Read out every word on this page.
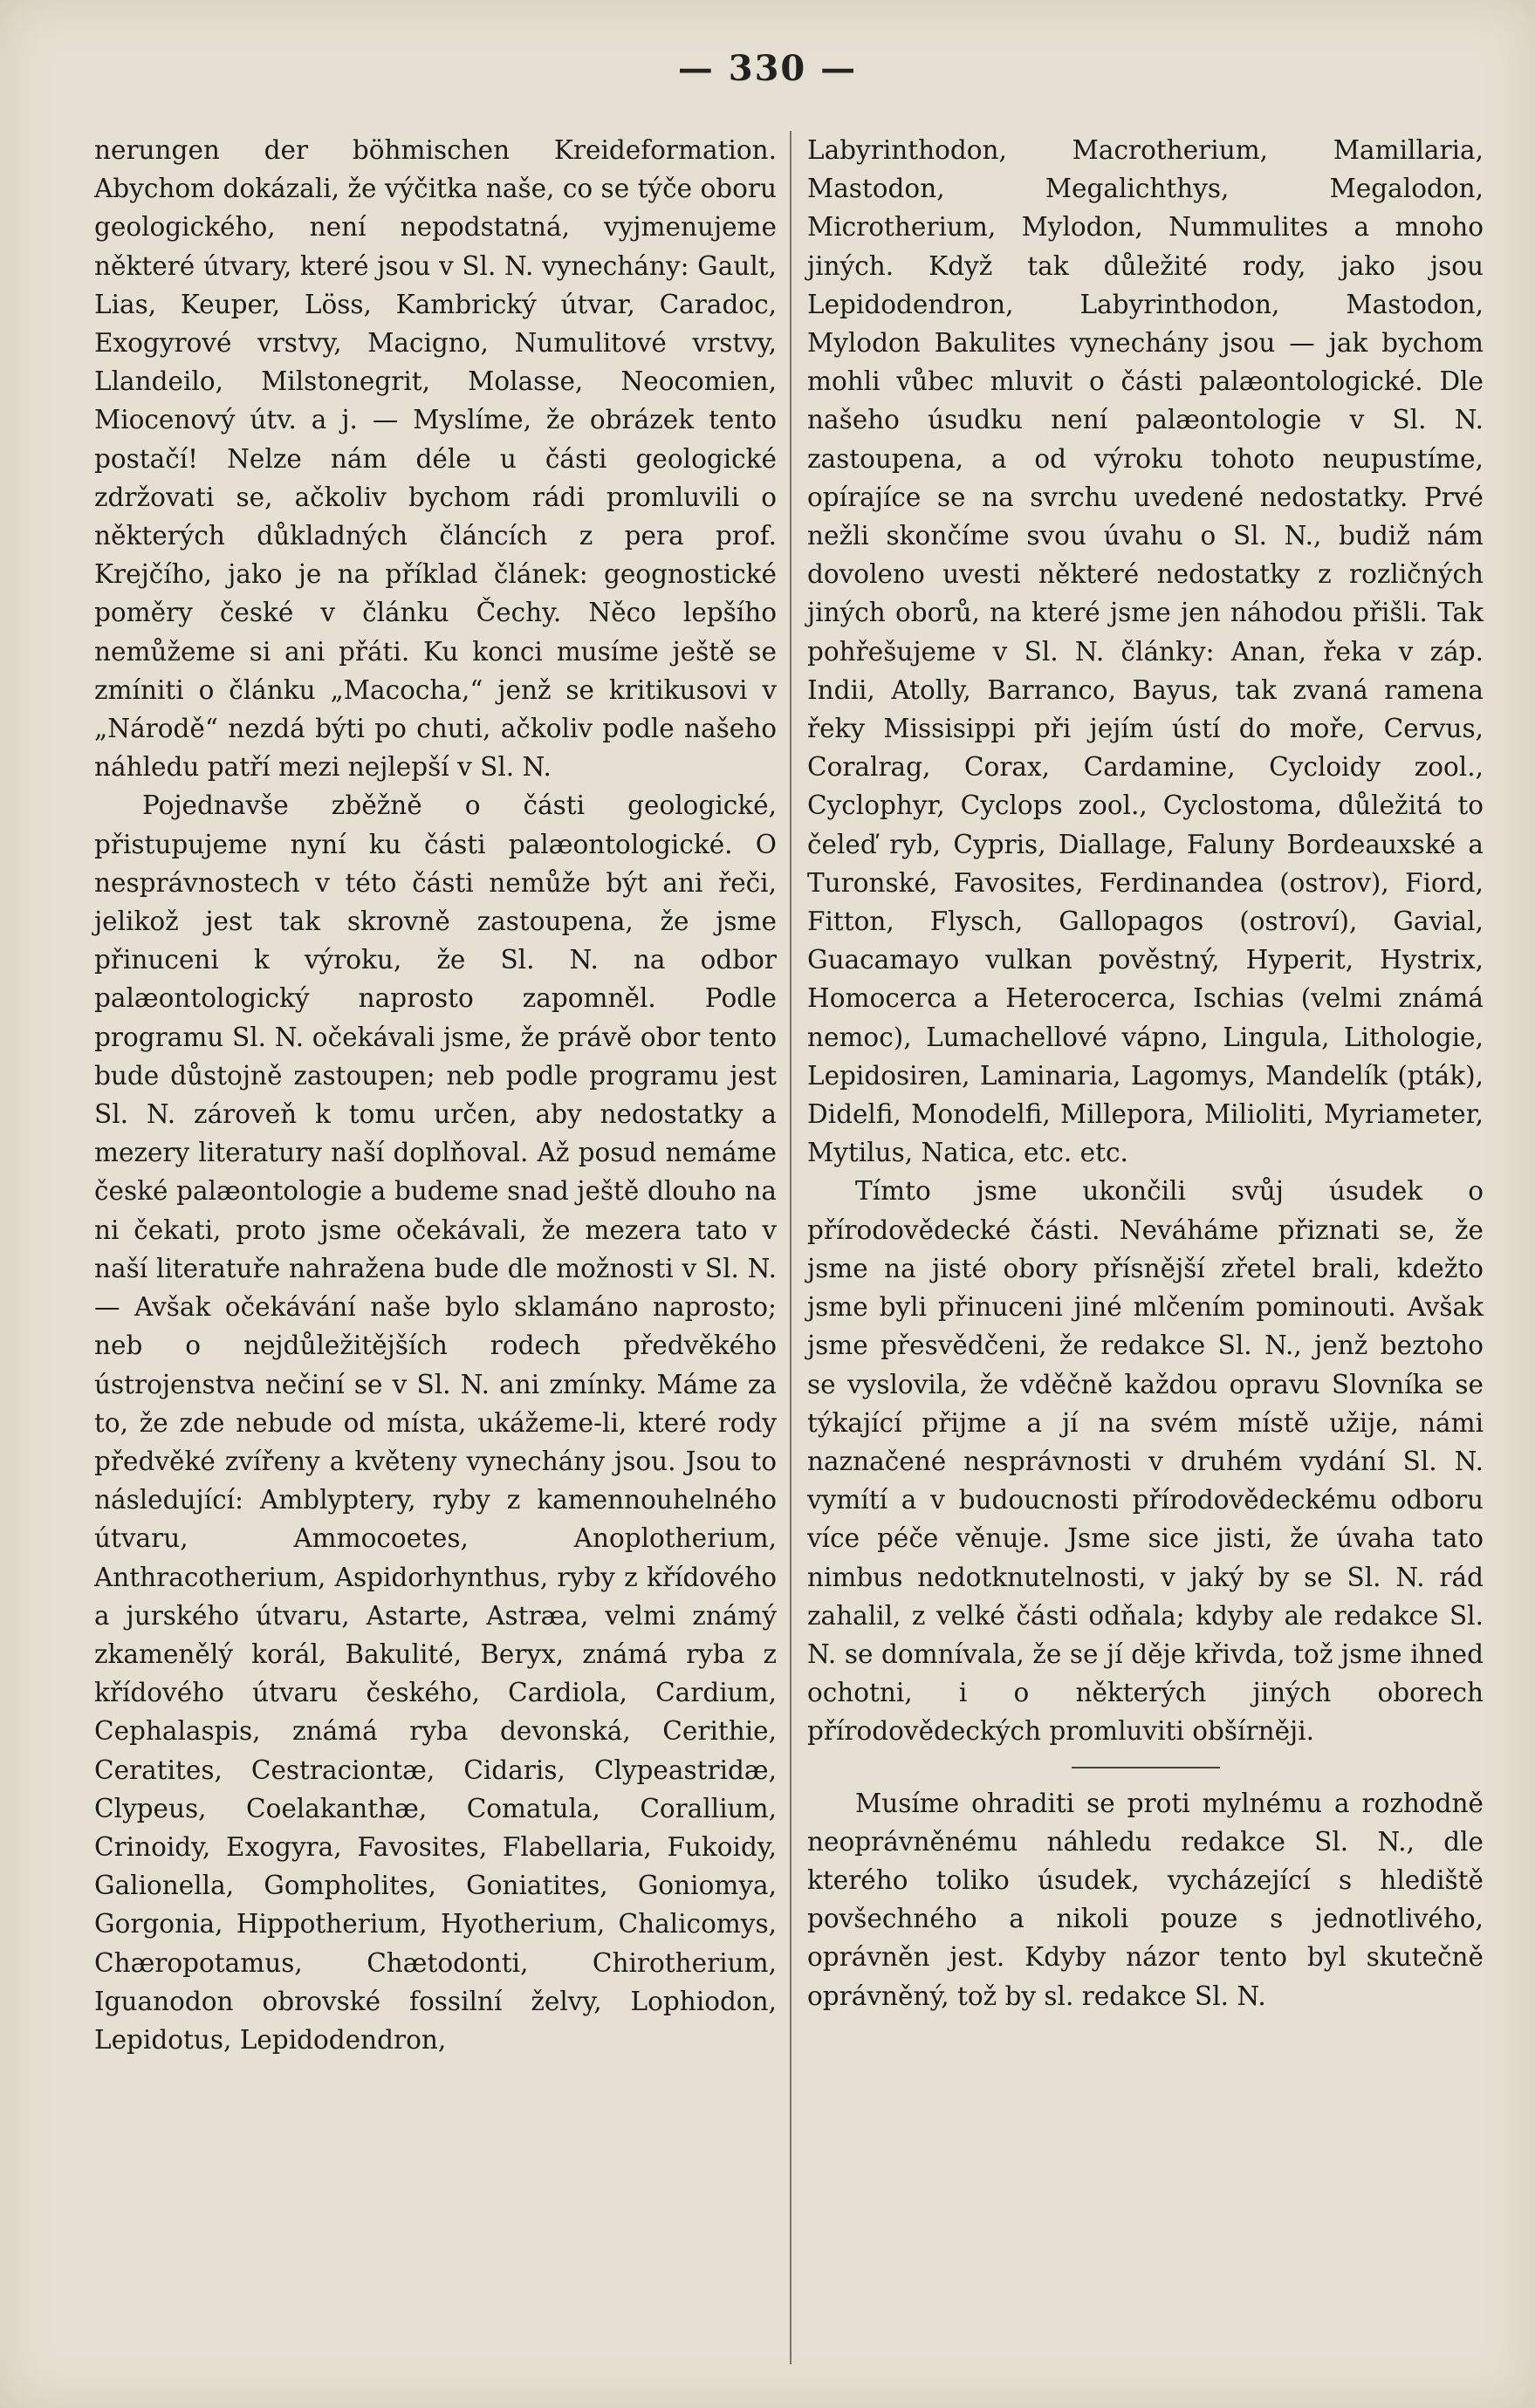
— 330 —

nerungen der böhmischen Kreideformation. Abychom dokázali, že výčitka naše, co se týče oboru geologického, není nepodstatná, vyjmenujeme některé útvary, které jsou v Sl. N. vynechány: Gault, Lias, Keuper, Löss, Kambrický útvar, Caradoc, Exogyrové vrstvy, Macigno, Numulitové vrstvy, Llandeilo, Milstonegrit, Molasse, Neocomien, Miocenový útv. a j. — Myslíme, že obrázek tento postačí! Nelze nám déle u části geologické zdržovati se, ačkoliv bychom rádi promluvili o některých důkladných článcích z pera prof. Krejčího, jako je na příklad článek: geognostické poměry české v článku Čechy. Něco lepšího nemůžeme si ani přáti. Ku konci musíme ještě se zmíniti o článku „Macocha,“ jenž se kritikusovi v „Národě“ nezdá býti po chuti, ačkoliv podle našeho náhledu patří mezi nejlepší v Sl. N.

Pojednavše zběžně o části geologické, přistupujeme nyní ku části palæontologické. O nesprávnostech v této části nemůže být ani řeči, jelikož jest tak skrovně zastoupena, že jsme přinuceni k výroku, že Sl. N. na odbor palæontologický naprosto zapomněl. Podle programu Sl. N. očekávali jsme, že právě obor tento bude důstojně zastoupen; neb podle programu jest Sl. N. zároveň k tomu určen, aby nedostatky a mezery literatury naší doplňoval. Až posud nemáme české palæontologie a budeme snad ještě dlouho na ni čekati, proto jsme očekávali, že mezera tato v naší literatuře nahražena bude dle možnosti v Sl. N. — Avšak očekávání naše bylo sklamáno naprosto; neb o nejdůležitějších rodech předvěkého ústrojenstva nečiní se v Sl. N. ani zmínky. Máme za to, že zde nebude od místa, ukážeme-li, které rody předvěké zvířeny a květeny vynechány jsou. Jsou to následující: Amblyptery, ryby z kamennouhelného útvaru, Ammocoetes, Anoplotherium, Anthracotherium, Aspidorhynthus, ryby z křídového a jurského útvaru, Astarte, Astræa, velmi známý zkamenělý korál, Bakulité, Beryx, známá ryba z křídového útvaru českého, Cardiola, Cardium, Cephalaspis, známá ryba devonská, Cerithie, Ceratites, Cestraciontæ, Cidaris, Clypeastridæ, Clypeus, Coelakanthæ, Comatula, Corallium, Crinoidy, Exogyra, Favosites, Flabellaria, Fukoidy, Galionella, Gompholites, Goniatites, Goniomya, Gorgonia, Hippotherium, Hyotherium, Chalicomys, Chæropotamus, Chætodonti, Chirotherium, Iguanodon obrovské fossilní želvy, Lophiodon, Lepidotus, Lepidodendron,

Labyrinthodon, Macrotherium, Mamillaria, Mastodon, Megalichthys, Megalodon, Microtherium, Mylodon, Nummulites a mnoho jiných. Když tak důležité rody, jako jsou Lepidodendron, Labyrinthodon, Mastodon, Mylodon Bakulites vynechány jsou — jak bychom mohli vůbec mluvit o části palæontologické. Dle našeho úsudku není palæontologie v Sl. N. zastoupena, a od výroku tohoto neupustíme, opírajíce se na svrchu uvedené nedostatky. Prvé nežli skončíme svou úvahu o Sl. N., budiž nám dovoleno uvesti některé nedostatky z rozličných jiných oborů, na které jsme jen náhodou přišli. Tak pohřešujeme v Sl. N. články: Anan, řeka v záp. Indii, Atolly, Barranco, Bayus, tak zvaná ramena řeky Missisippi při jejím ústí do moře, Cervus, Coralrag, Corax, Cardamine, Cycloidy zool., Cyclophyr, Cyclops zool., Cyclostoma, důležitá to čeleď ryb, Cypris, Diallage, Faluny Bordeauxské a Turonské, Favosites, Ferdinandea (ostrov), Fiord, Fitton, Flysch, Gallopagos (ostroví), Gavial, Guacamayo vulkan pověstný, Hyperit, Hystrix, Homocerca a Heterocerca, Ischias (velmi známá nemoc), Lumachellové vápno, Lingula, Lithologie, Lepidosiren, Laminaria, Lagomys, Mandelík (pták), Didelfi, Monodelfi, Millepora, Milioliti, Myriameter, Mytilus, Natica, etc. etc.

Tímto jsme ukončili svůj úsudek o přírodovědecké části. Neváháme přiznati se, že jsme na jisté obory přísnější zřetel brali, kdežto jsme byli přinuceni jiné mlčením pominouti. Avšak jsme přesvědčeni, že redakce Sl. N., jenž beztoho se vyslovila, že vděčně každou opravu Slovníka se týkající přijme a jí na svém místě užije, námi naznačené nesprávnosti v druhém vydání Sl. N. vymítí a v budoucnosti přírodovědeckému odboru více péče věnuje. Jsme sice jisti, že úvaha tato nimbus nedotknutelnosti, v jaký by se Sl. N. rád zahalil, z velké části odňala; kdyby ale redakce Sl. N. se domnívala, že se jí děje křivda, tož jsme ihned ochotni, i o některých jiných oborech přírodovědeckých promluviti obšírněji.

Musíme ohraditi se proti mylnému a rozhodně neoprávněnému náhledu redakce Sl. N., dle kterého toliko úsudek, vycházející s hlediště povšechného a nikoli pouze s jednotlivého, oprávněn jest. Kdyby názor tento byl skutečně oprávněný, tož by sl. redakce Sl. N.
